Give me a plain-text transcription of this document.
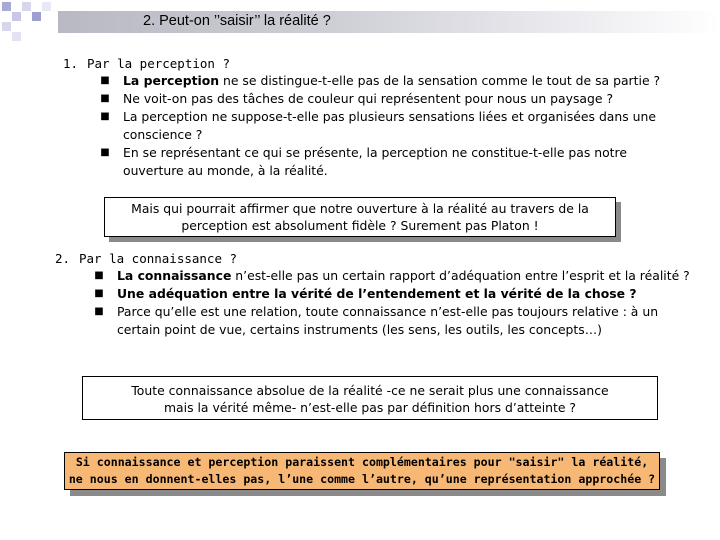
2. Peut-on ’’saisir’’ la réalité ?
1. Par la perception ?
■ La perception ne se distingue-t-elle pas de la sensation comme le tout de sa partie ?
■ Ne voit-on pas des tâches de couleur qui représentent pour nous un paysage ?
■ La perception ne suppose-t-elle pas plusieurs sensations liées et organisées dans une conscience ?
■ En se représentant ce qui se présente, la perception ne constitue-t-elle pas notre ouverture au monde, à la réalité.
Mais qui pourrait affirmer que notre ouverture à la réalité au travers de la
perception est absolument fidèle ? Surement pas Platon !
2. Par la connaissance ?
■ La connaissance n’est-elle pas un certain rapport d’adéquation entre l’esprit et la réalité ?
■ Une adéquation entre la vérité de l’entendement et la vérité de la chose ?
■ Parce qu’elle est une relation, toute connaissance n’est-elle pas toujours relative : à un certain point de vue, certains instruments (les sens, les outils, les concepts…)
Toute connaissance absolue de la réalité -ce ne serait plus une connaissance
mais la vérité même- n’est-elle pas par définition hors d’atteinte ?
Si connaissance et perception paraissent complémentaires pour "saisir" la réalité,
ne nous en donnent-elles pas, l’une comme l’autre, qu’une représentation approchée ?
